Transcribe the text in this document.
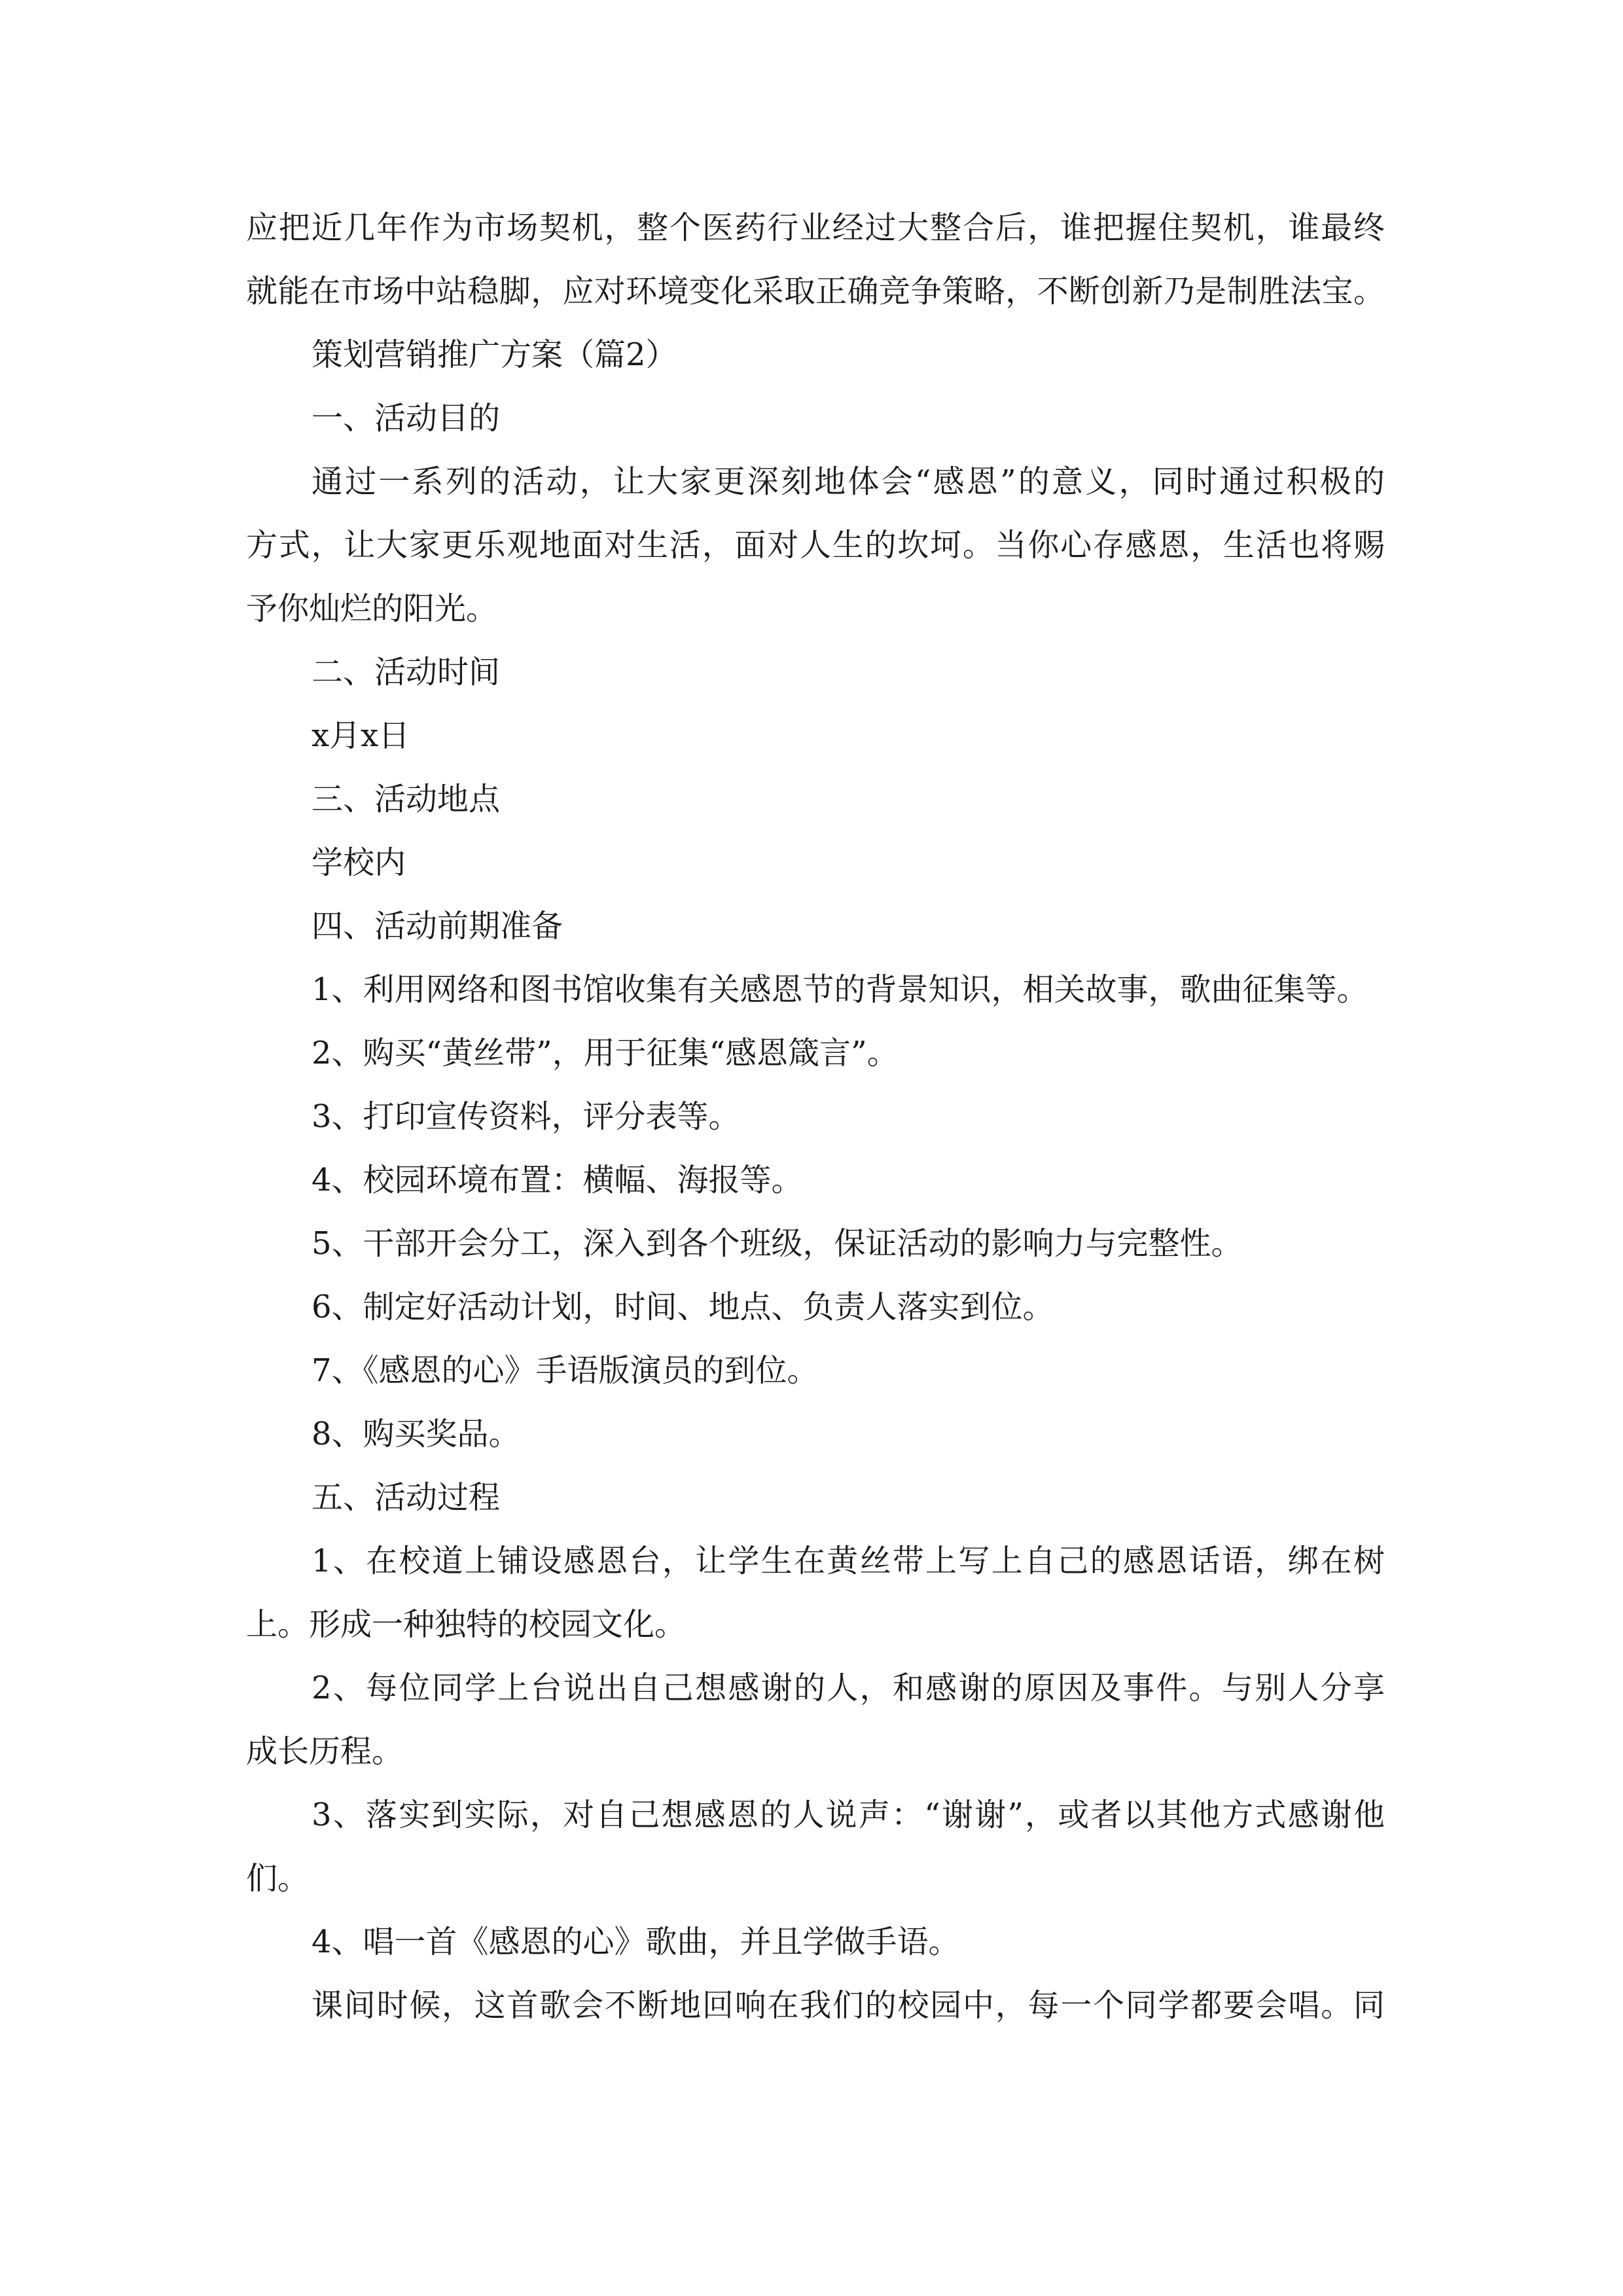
应把近几年作为市场契机，整个医药行业经过大整合后，谁把握住契机，谁最终
就能在市场中站稳脚，应对环境变化采取正确竞争策略，不断创新乃是制胜法宝。
策划营销推广方案（篇2）
一、活动目的
通过一系列的活动，让大家更深刻地体会“感恩”的意义，同时通过积极的
方式，让大家更乐观地面对生活，面对人生的坎坷。当你心存感恩，生活也将赐
予你灿烂的阳光。
二、活动时间
x月x日
三、活动地点
学校内
四、活动前期准备
1、利用网络和图书馆收集有关感恩节的背景知识，相关故事，歌曲征集等。
2、购买“黄丝带”，用于征集“感恩箴言”。
3、打印宣传资料，评分表等。
4、校园环境布置：横幅、海报等。
5、干部开会分工，深入到各个班级，保证活动的影响力与完整性。
6、制定好活动计划，时间、地点、负责人落实到位。
7、《感恩的心》手语版演员的到位。
8、购买奖品。
五、活动过程
1、在校道上铺设感恩台，让学生在黄丝带上写上自己的感恩话语，绑在树
上。形成一种独特的校园文化。
2、每位同学上台说出自己想感谢的人，和感谢的原因及事件。与别人分享
成长历程。
3、落实到实际，对自己想感恩的人说声：“谢谢”，或者以其他方式感谢他
们。
4、唱一首《感恩的心》歌曲，并且学做手语。
课间时候，这首歌会不断地回响在我们的校园中，每一个同学都要会唱。同
